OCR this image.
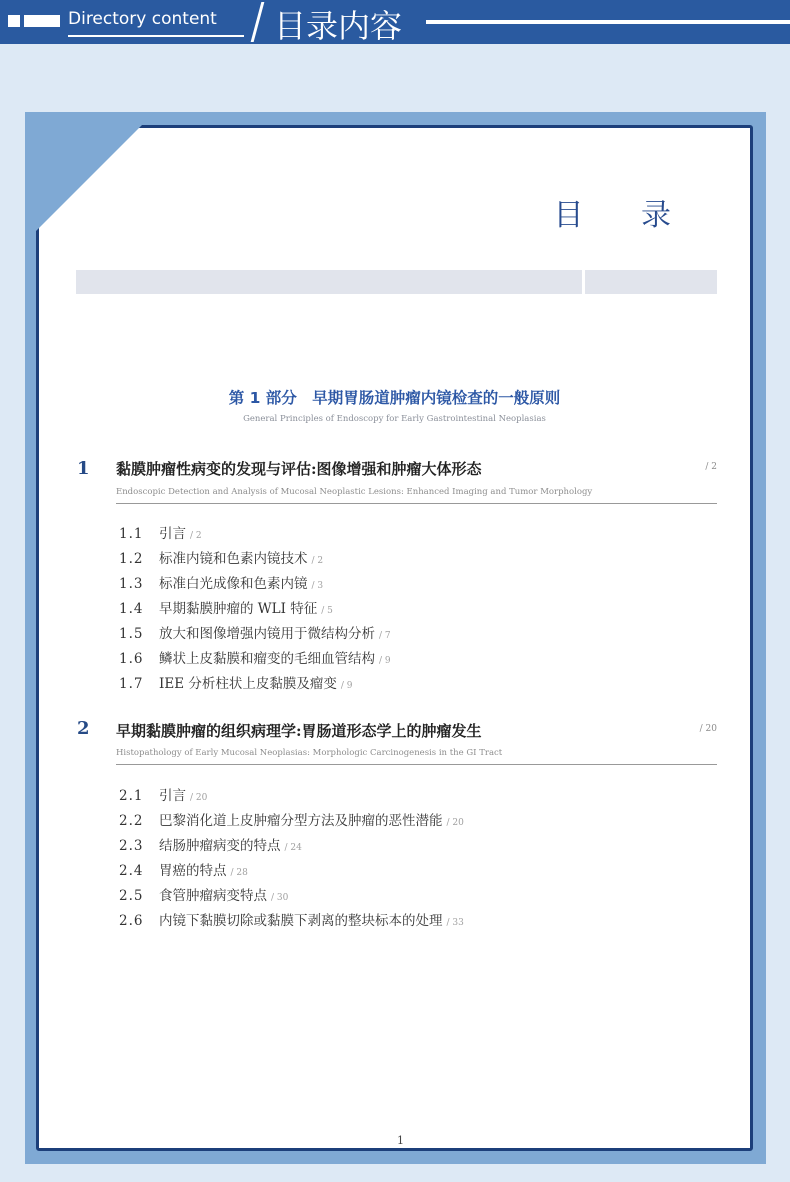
Directory content	目录内容
目 录
第 1 部分　早期胃肠道肿瘤内镜检查的一般原则
General Principles of Endoscopy for Early Gastrointestinal Neoplasias
1 黏膜肿瘤性病变的发现与评估:图像增强和肿瘤大体形态	/ 2
Endoscopic Detection and Analysis of Mucosal Neoplastic Lesions: Enhanced Imaging and Tumor Morphology
1.1 引言 / 2
1.2 标准内镜和色素内镜技术 / 2
1.3 标准白光成像和色素内镜 / 3
1.4 早期黏膜肿瘤的 WLI 特征 / 5
1.5 放大和图像增强内镜用于微结构分析 / 7
1.6 鳞状上皮黏膜和瘤变的毛细血管结构 / 9
1.7 IEE 分析柱状上皮黏膜及瘤变 / 9
2 早期黏膜肿瘤的组织病理学:胃肠道形态学上的肿瘤发生	/ 20
Histopathology of Early Mucosal Neoplasias: Morphologic Carcinogenesis in the GI Tract
2.1 引言 / 20
2.2 巴黎消化道上皮肿瘤分型方法及肿瘤的恶性潜能 / 20
2.3 结肠肿瘤病变的特点 / 24
2.4 胃癌的特点 / 28
2.5 食管肿瘤病变特点 / 30
2.6 内镜下黏膜切除或黏膜下剥离的整块标本的处理 / 33
1
